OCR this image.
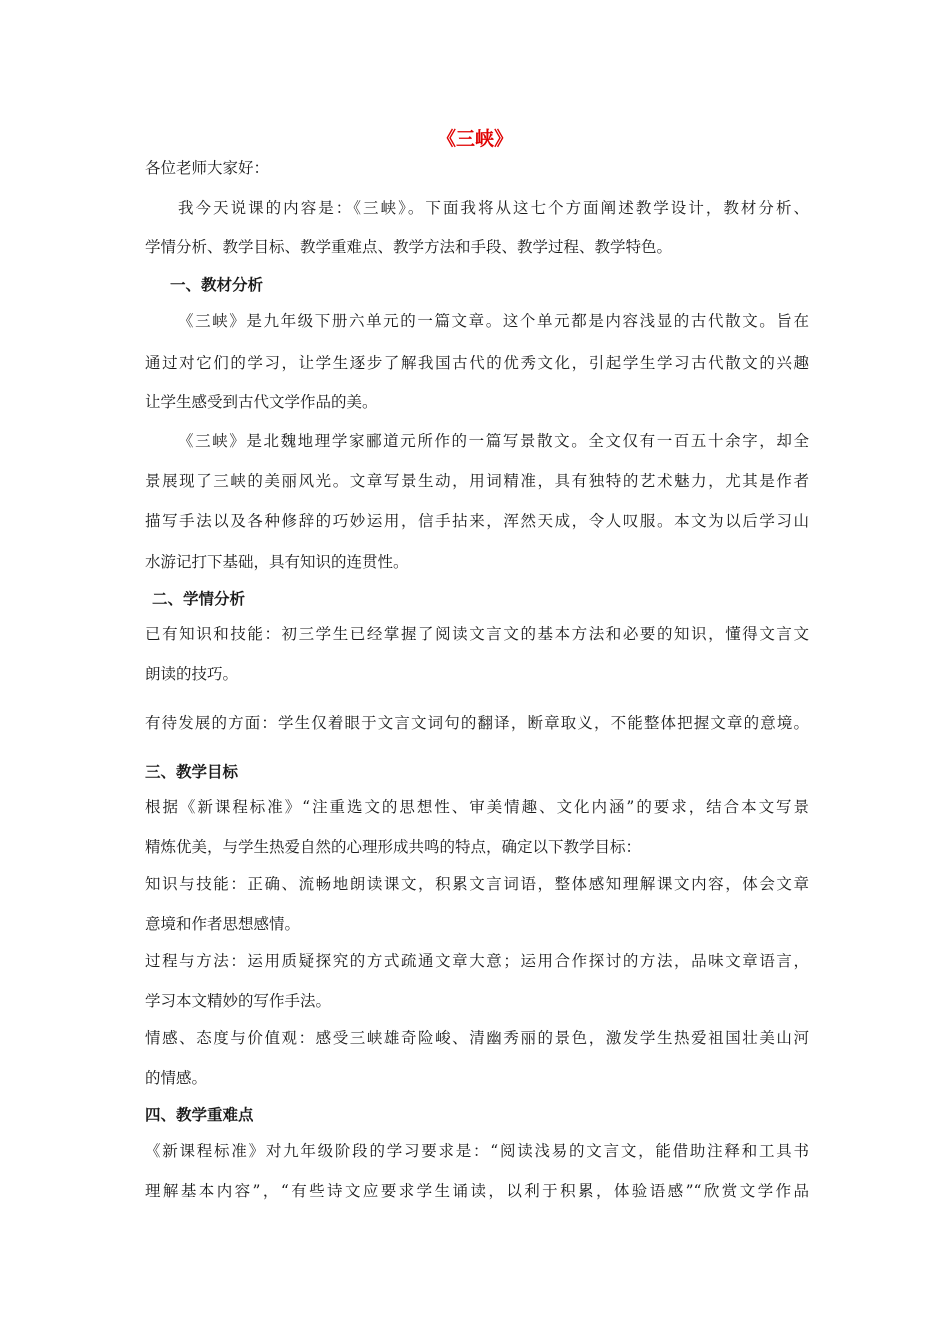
《三峡》
各位老师大家好：
我今天说课的内容是：《三峡》。下面我将从这七个方面阐述教学设计，教材分析、
学情分析、教学目标、教学重难点、教学方法和手段、教学过程、教学特色。
一、教材分析
《三峡》是九年级下册六单元的一篇文章。这个单元都是内容浅显的古代散文。旨在
通过对它们的学习，让学生逐步了解我国古代的优秀文化，引起学生学习古代散文的兴趣
让学生感受到古代文学作品的美。
《三峡》是北魏地理学家郦道元所作的一篇写景散文。全文仅有一百五十余字，却全
景展现了三峡的美丽风光。文章写景生动，用词精准，具有独特的艺术魅力，尤其是作者
描写手法以及各种修辞的巧妙运用，信手拈来，浑然天成，令人叹服。本文为以后学习山
水游记打下基础，具有知识的连贯性。
二、学情分析
已有知识和技能：初三学生已经掌握了阅读文言文的基本方法和必要的知识，懂得文言文
朗读的技巧。
有待发展的方面：学生仅着眼于文言文词句的翻译，断章取义，不能整体把握文章的意境。
三、教学目标
根据《新课程标准》“注重选文的思想性、审美情趣、文化内涵”的要求，结合本文写景
精炼优美，与学生热爱自然的心理形成共鸣的特点，确定以下教学目标：
知识与技能：正确、流畅地朗读课文，积累文言词语，整体感知理解课文内容，体会文章
意境和作者思想感情。
过程与方法：运用质疑探究的方式疏通文章大意；运用合作探讨的方法，品味文章语言，
学习本文精妙的写作手法。
情感、态度与价值观：感受三峡雄奇险峻、清幽秀丽的景色，激发学生热爱祖国壮美山河
的情感。
四、教学重难点
《新课程标准》对九年级阶段的学习要求是：“阅读浅易的文言文，能借助注释和工具书
理解基本内容”，“有些诗文应要求学生诵读，以利于积累，体验语感”“欣赏文学作品
